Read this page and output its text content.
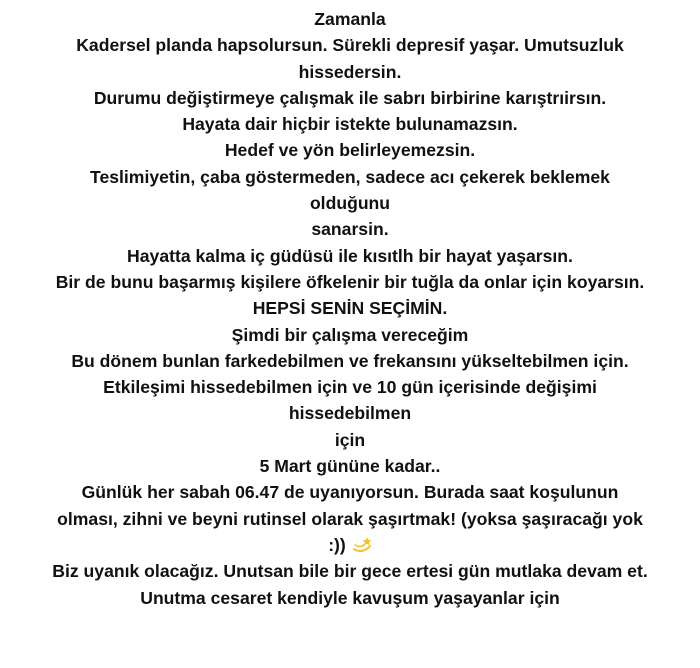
Zamanla
Kadersel planda hapsolursun. Sürekli depresif yaşar. Umutsuzluk
hissedersin.
Durumu değiştirmeye çalışmak ile sabrı birbirine karıştrıirsın.
Hayata dair hiçbir istekte bulunamazsın.
Hedef ve yön belirleyemezsin.
Teslimiyetin, çaba göstermeden, sadece acı çekerek beklemek
olduğunu
sanarsin.
Hayatta kalma iç güdüsü ile kısıtlh bir hayat yaşarsın.
Bir de bunu başarmış kişilere öfkelenir bir tuğla da onlar için koyarsın.
HEPSİ SENİN SEÇİMİN.
Şimdi bir çalışma vereceğim
Bu dönem bunlan farkedebilmen ve frekansını yükseltebilmen için.
Etkileşimi hissedebilmen için ve 10 gün içerisinde değişimi
hissedebilmen
için
5 Mart gününe kadar..
Günlük her sabah 06.47 de uyanıyorsun. Burada saat koşulunun
olması, zihni ve beyni rutinsel olarak şaşırtmak! (yoksa şaşıracağı yok
:))
Biz uyanık olacağız. Unutsan bile bir gece ertesi gün mutlaka devam et.
Unutma cesaret kendiyle kavuşum yaşayanlar için
